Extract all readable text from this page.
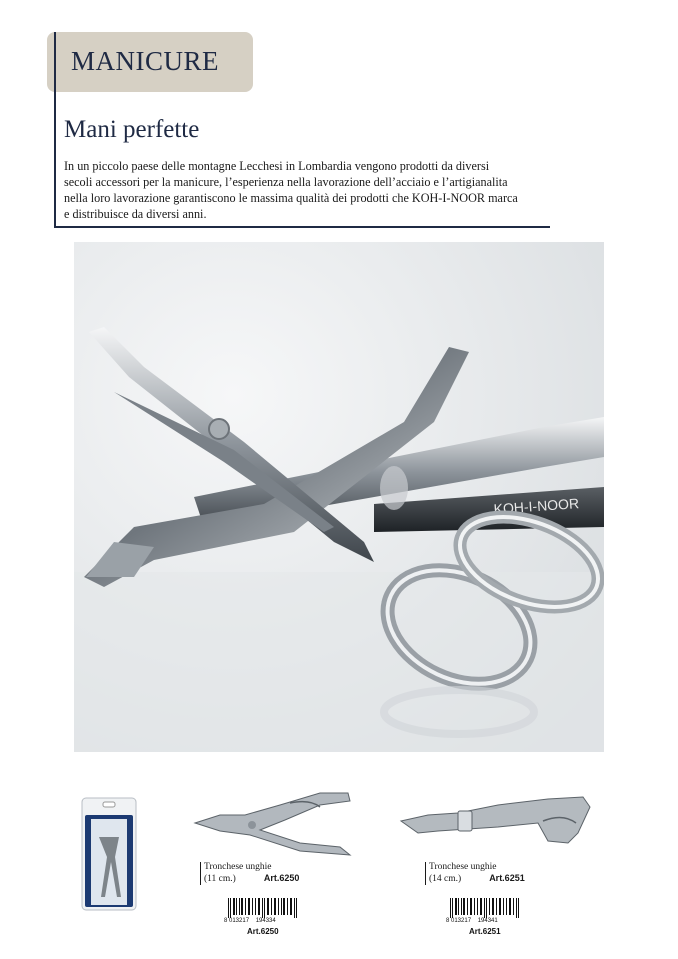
MANICURE
Mani perfette
In un piccolo paese delle montagne Lecchesi in Lombardia vengono prodotti da diversi
secoli accessori per la manicure, l’esperienza nella lavorazione dell’acciaio e l’artigianalita
nella loro lavorazione garantiscono le massima qualità dei prodotti che KOH-I-NOOR marca
e distribuisce da diversi anni.
KOH-I-NOOR
Tronchese unghie
(11 cm.)	Art.6250
Tronchese unghie
(14 cm.)	Art.6251
8 013217 194334
Art.6250
8 013217 194341
Art.6251
